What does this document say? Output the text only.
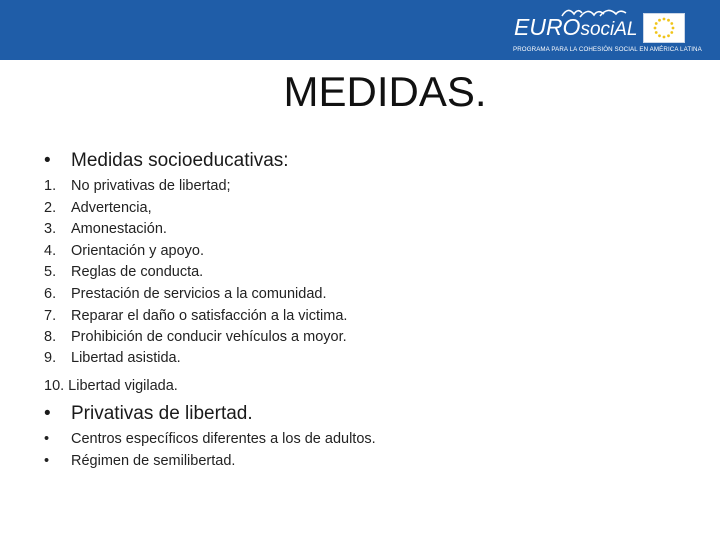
EUROsociAL
PROGRAMA PARA LA COHESIÓN SOCIAL EN AMÉRICA LATINA
MEDIDAS.
• Medidas socioeducativas:
1. No privativas de libertad;
2. Advertencia,
3. Amonestación.
4. Orientación y apoyo.
5. Reglas de conducta.
6. Prestación de servicios a la comunidad.
7. Reparar el daño o satisfacción a la victima.
8. Prohibición de conducir vehículos a moyor.
9. Libertad asistida.
10. Libertad vigilada.
• Privativas de libertad.
• Centros específicos diferentes a los de adultos.
• Régimen de semilibertad.
